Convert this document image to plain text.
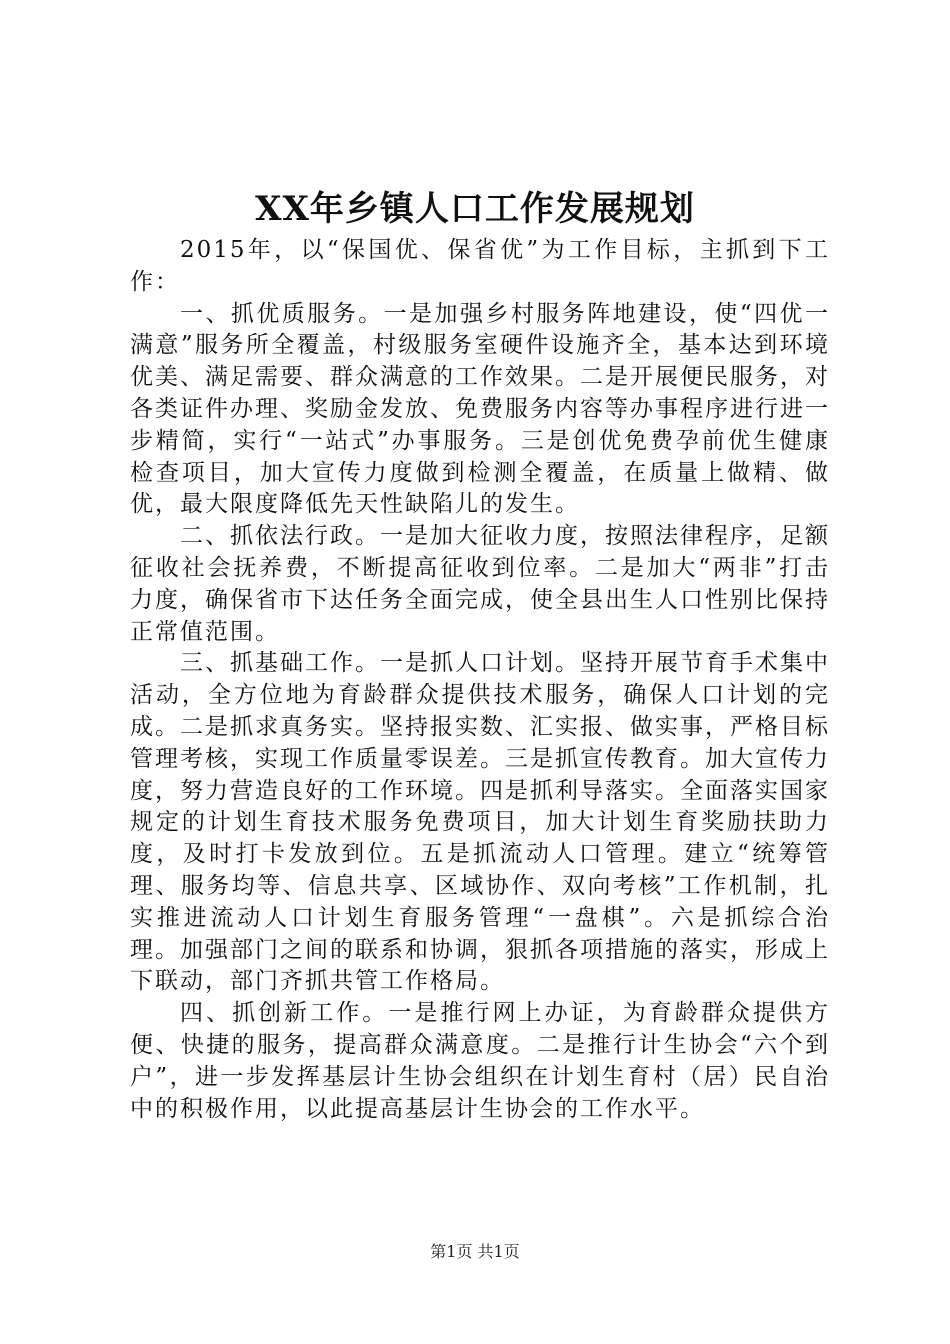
XX年乡镇人口工作发展规划

2015年，以“保国优、保省优”为工作目标，主抓到下工作：

一、抓优质服务。一是加强乡村服务阵地建设，使“四优一满意”服务所全覆盖，村级服务室硬件设施齐全，基本达到环境优美、满足需要、群众满意的工作效果。二是开展便民服务，对各类证件办理、奖励金发放、免费服务内容等办事程序进行进一步精简，实行“一站式”办事服务。三是创优免费孕前优生健康检查项目，加大宣传力度做到检测全覆盖，在质量上做精、做优，最大限度降低先天性缺陷儿的发生。

二、抓依法行政。一是加大征收力度，按照法律程序，足额征收社会抚养费，不断提高征收到位率。二是加大“两非”打击力度，确保省市下达任务全面完成，使全县出生人口性别比保持正常值范围。

三、抓基础工作。一是抓人口计划。坚持开展节育手术集中活动，全方位地为育龄群众提供技术服务，确保人口计划的完成。二是抓求真务实。坚持报实数、汇实报、做实事，严格目标管理考核，实现工作质量零误差。三是抓宣传教育。加大宣传力度，努力营造良好的工作环境。四是抓利导落实。全面落实国家规定的计划生育技术服务免费项目，加大计划生育奖励扶助力度，及时打卡发放到位。五是抓流动人口管理。建立“统筹管理、服务均等、信息共享、区域协作、双向考核”工作机制，扎实推进流动人口计划生育服务管理“一盘棋”。六是抓综合治理。加强部门之间的联系和协调，狠抓各项措施的落实，形成上下联动，部门齐抓共管工作格局。

四、抓创新工作。一是推行网上办证，为育龄群众提供方便、快捷的服务，提高群众满意度。二是推行计生协会“六个到户”，进一步发挥基层计生协会组织在计划生育村（居）民自治中的积极作用，以此提高基层计生协会的工作水平。

第1页 共1页
